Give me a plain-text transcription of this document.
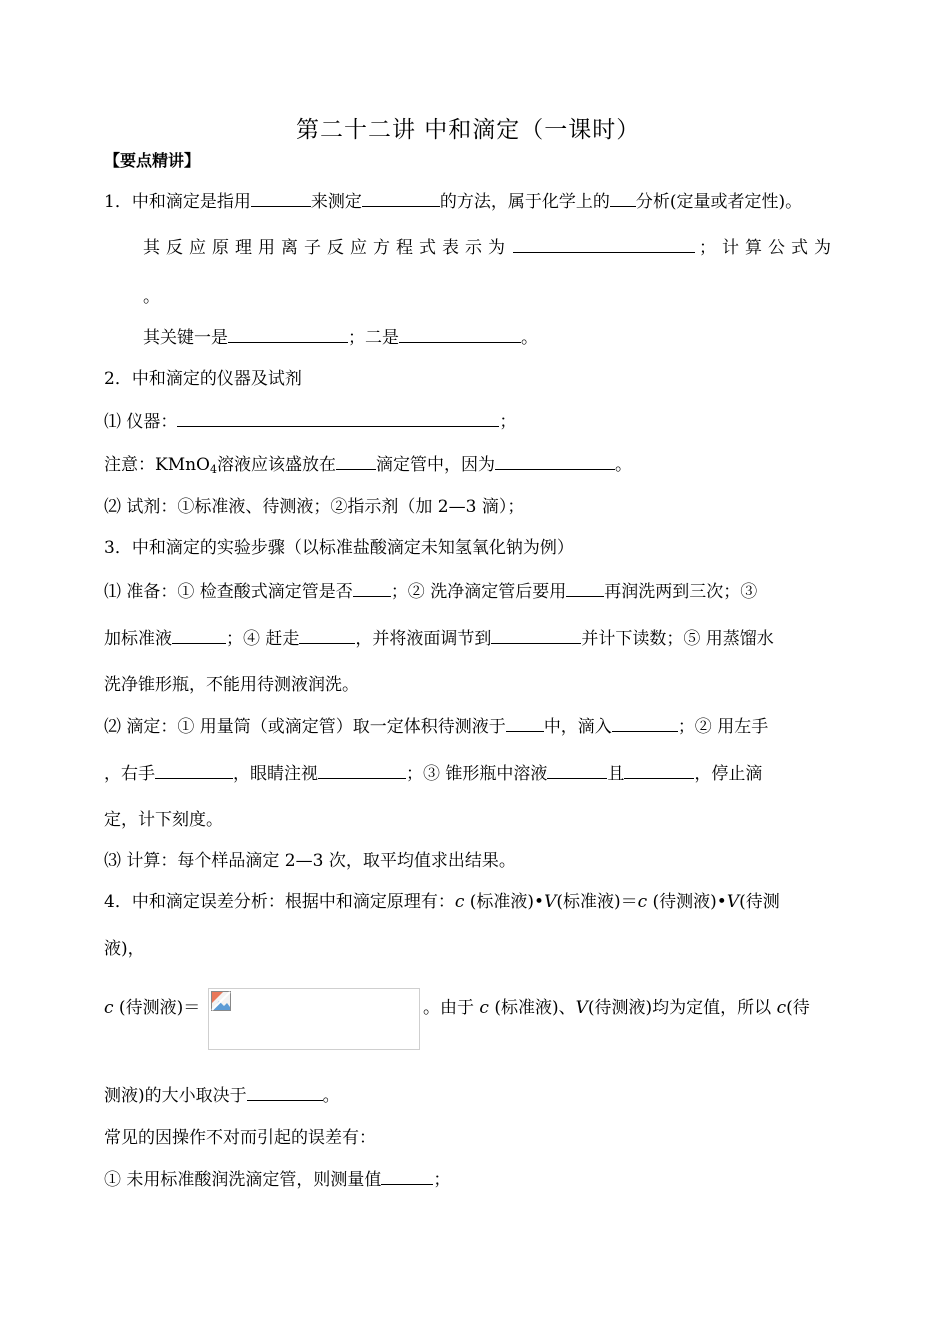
第二十二讲 中和滴定（一课时）
【要点精讲】
1．中和滴定是指用	来测定	的方法，属于化学上的 分析(定量或者定性)。
其反应原理用离子反应方程式表示为	；计算公式为
。
其关键一是	；二是	。
2．中和滴定的仪器及试剂
⑴ 仪器：	；
注意：KMnO$_4$溶液应该盛放在 滴定管中，因为	。
⑵ 试剂：①标准液、待测液；②指示剂（加 2—3 滴）；
3．中和滴定的实验步骤（以标准盐酸滴定未知氢氧化钠为例）
⑴ 准备：① 检查酸式滴定管是否 ；② 洗净滴定管后要用 再润洗两到三次；③
加标准液	；④ 赶走	，并将液面调节到	并计下读数；⑤ 用蒸馏水
洗净锥形瓶，不能用待测液润洗。
⑵ 滴定：① 用量筒（或滴定管）取一定体积待测液于 中，滴入	；② 用左手
，右手	，眼睛注视	；③ 锥形瓶中溶液	且	，停止滴
定，计下刻度。
⑶ 计算：每个样品滴定 2—3 次，取平均值求出结果。
4．中和滴定误差分析：根据中和滴定原理有：c (标准液)•V(标准液)＝c (待测液)•V(待测
液)，
c (待测液)＝	。由于 c (标准液)、V(待测液)均为定值，所以 c(待
测液)的大小取决于	。
常见的因操作不对而引起的误差有：
① 未用标准酸润洗滴定管，则测量值	；
